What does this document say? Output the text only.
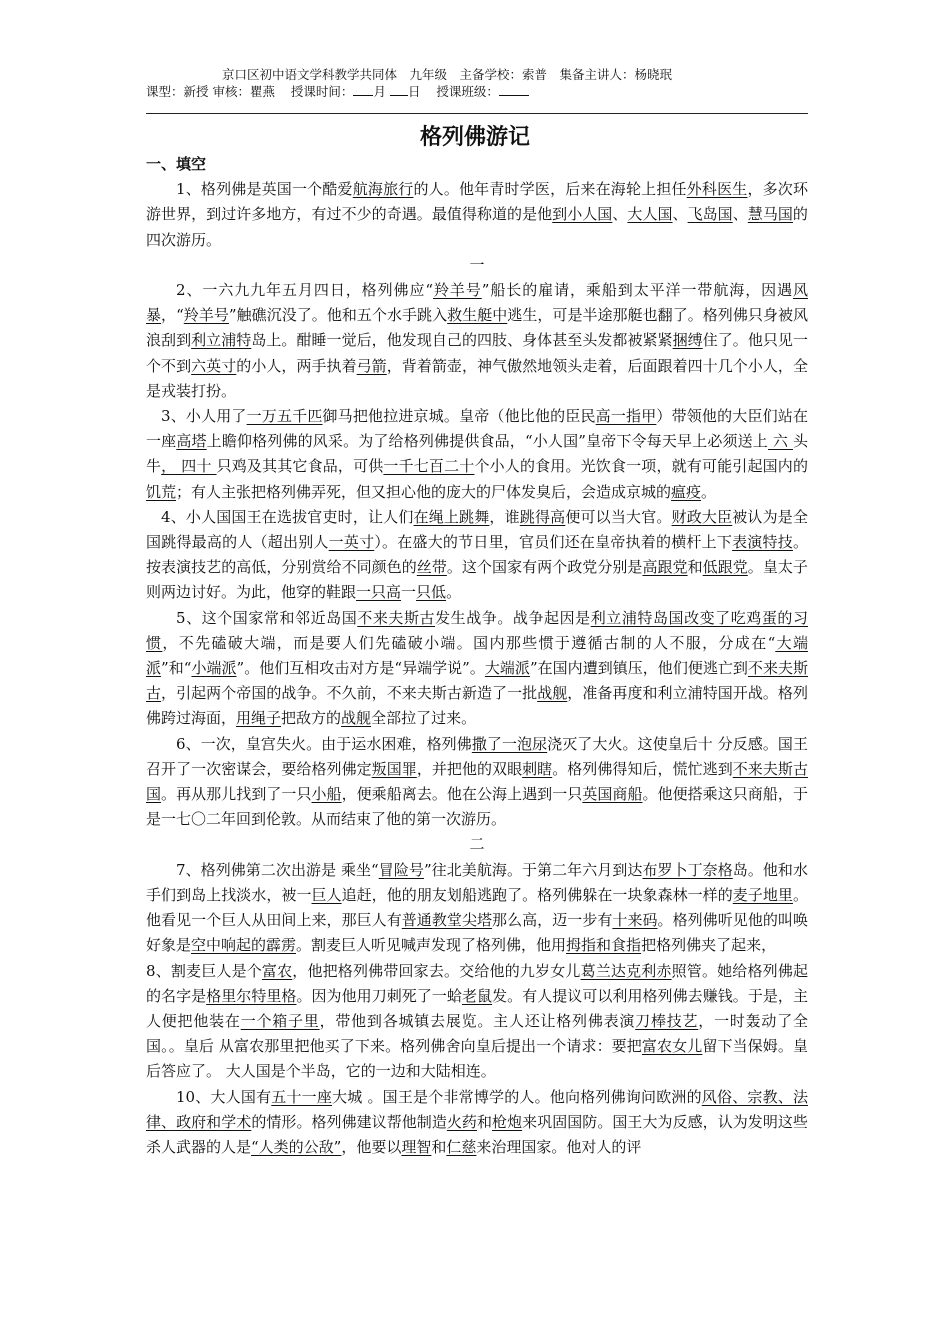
京口区初中语文学科教学共同体　九年级　主备学校：索普　集备主讲人：杨晓珉
课型：新授 审核：瞿燕 授课时间： 月 日 授课班级：
格列佛游记
一、填空

1、格列佛是英国一个酷爱航海旅行的人。他年青时学医，后来在海轮上担任外科医生，多次环游世界，到过许多地方，有过不少的奇遇。最值得称道的是他到小人国、大人国、飞岛国、慧马国的四次游历。

一

2、一六九九年五月四日，格列佛应“羚羊号”船长的雇请，乘船到太平洋一带航海，因遇风暴，“羚羊号”触礁沉没了。他和五个水手跳入救生艇中逃生，可是半途那艇也翻了。格列佛只身被风浪刮到利立浦特岛上。酣睡一觉后，他发现自己的四肢、身体甚至头发都被紧紧捆缚住了。他只见一个不到六英寸的小人，两手执着弓箭，背着箭壶，神气傲然地领头走着，后面跟着四十几个小人，全是戎装打扮。

3、小人用了一万五千匹御马把他拉进京城。皇帝（他比他的臣民高一指甲）带领他的大臣们站在一座高塔上瞻仰格列佛的风采。为了给格列佛提供食品，“小人国”皇帝下令每天早上必须送上 六 头牛， 四十 只鸡及其其它食品，可供一千七百二十个小人的食用。光饮食一项，就有可能引起国内的饥荒；有人主张把格列佛弄死，但又担心他的庞大的尸体发臭后，会造成京城的瘟疫。

4、小人国国王在选拔官吏时，让人们在绳上跳舞，谁跳得高便可以当大官。财政大臣被认为是全国跳得最高的人（超出别人一英寸）。在盛大的节日里，官员们还在皇帝执着的横杆上下表演特技。按表演技艺的高低，分别赏给不同颜色的丝带。这个国家有两个政党分别是高跟党和低跟党。皇太子则两边讨好。为此，他穿的鞋跟一只高一只低。

5、这个国家常和邻近岛国不来夫斯古发生战争。战争起因是利立浦特岛国改变了吃鸡蛋的习惯，不先磕破大端，而是要人们先磕破小端。国内那些惯于遵循古制的人不服，分成在“大端派”和“小端派”。他们互相攻击对方是“异端学说”。大端派”在国内遭到镇压，他们便逃亡到不来夫斯古，引起两个帝国的战争。不久前，不来夫斯古新造了一批战舰，准备再度和利立浦特国开战。格列佛跨过海面，用绳子把敌方的战舰全部拉了过来。

6、一次，皇宫失火。由于运水困难，格列佛撒了一泡尿浇灭了大火。这使皇后十 分反感。国王召开了一次密谋会，要给格列佛定叛国罪，并把他的双眼刺瞎。格列佛得知后，慌忙逃到不来夫斯古国。再从那儿找到了一只小船，便乘船离去。他在公海上遇到一只英国商船。他便搭乘这只商船，于是一七〇二年回到伦敦。从而结束了他的第一次游历。

二

7、格列佛第二次出游是 乘坐“冒险号”往北美航海。于第二年六月到达布罗卜丁奈格岛。他和水手们到岛上找淡水，被一巨人追赶，他的朋友划船逃跑了。格列佛躲在一块象森林一样的麦子地里。他看见一个巨人从田间上来，那巨人有普通教堂尖塔那么高，迈一步有十来码。格列佛听见他的叫唤 好象是空中响起的霹雳。割麦巨人听见喊声发现了格列佛，他用拇指和食指把格列佛夹了起来，

8、割麦巨人是个富农，他把格列佛带回家去。交给他的九岁女儿葛兰达克利赤照管。她给格列佛起的名字是格里尔特里格。因为他用刀刺死了一蛤老鼠发。有人提议可以利用格列佛去赚钱。于是，主人便把他装在一个箱子里，带他到各城镇去展览。主人还让格列佛表演刀棒技艺，一时轰动了全国。。皇后 从富农那里把他买了下来。格列佛舍向皇后提出一个请求：要把富农女儿留下当保姆。皇后答应了。 大人国是个半岛，它的一边和大陆相连。

10、大人国有五十一座大城 。国王是个非常博学的人。他向格列佛询问欧洲的风俗、宗教、法律、政府和学术的情形。格列佛建议帮他制造火药和枪炮来巩固国防。国王大为反感，认为发明这些杀人武器的人是“人类的公敌”，他要以理智和仁慈来治理国家。他对人的评
